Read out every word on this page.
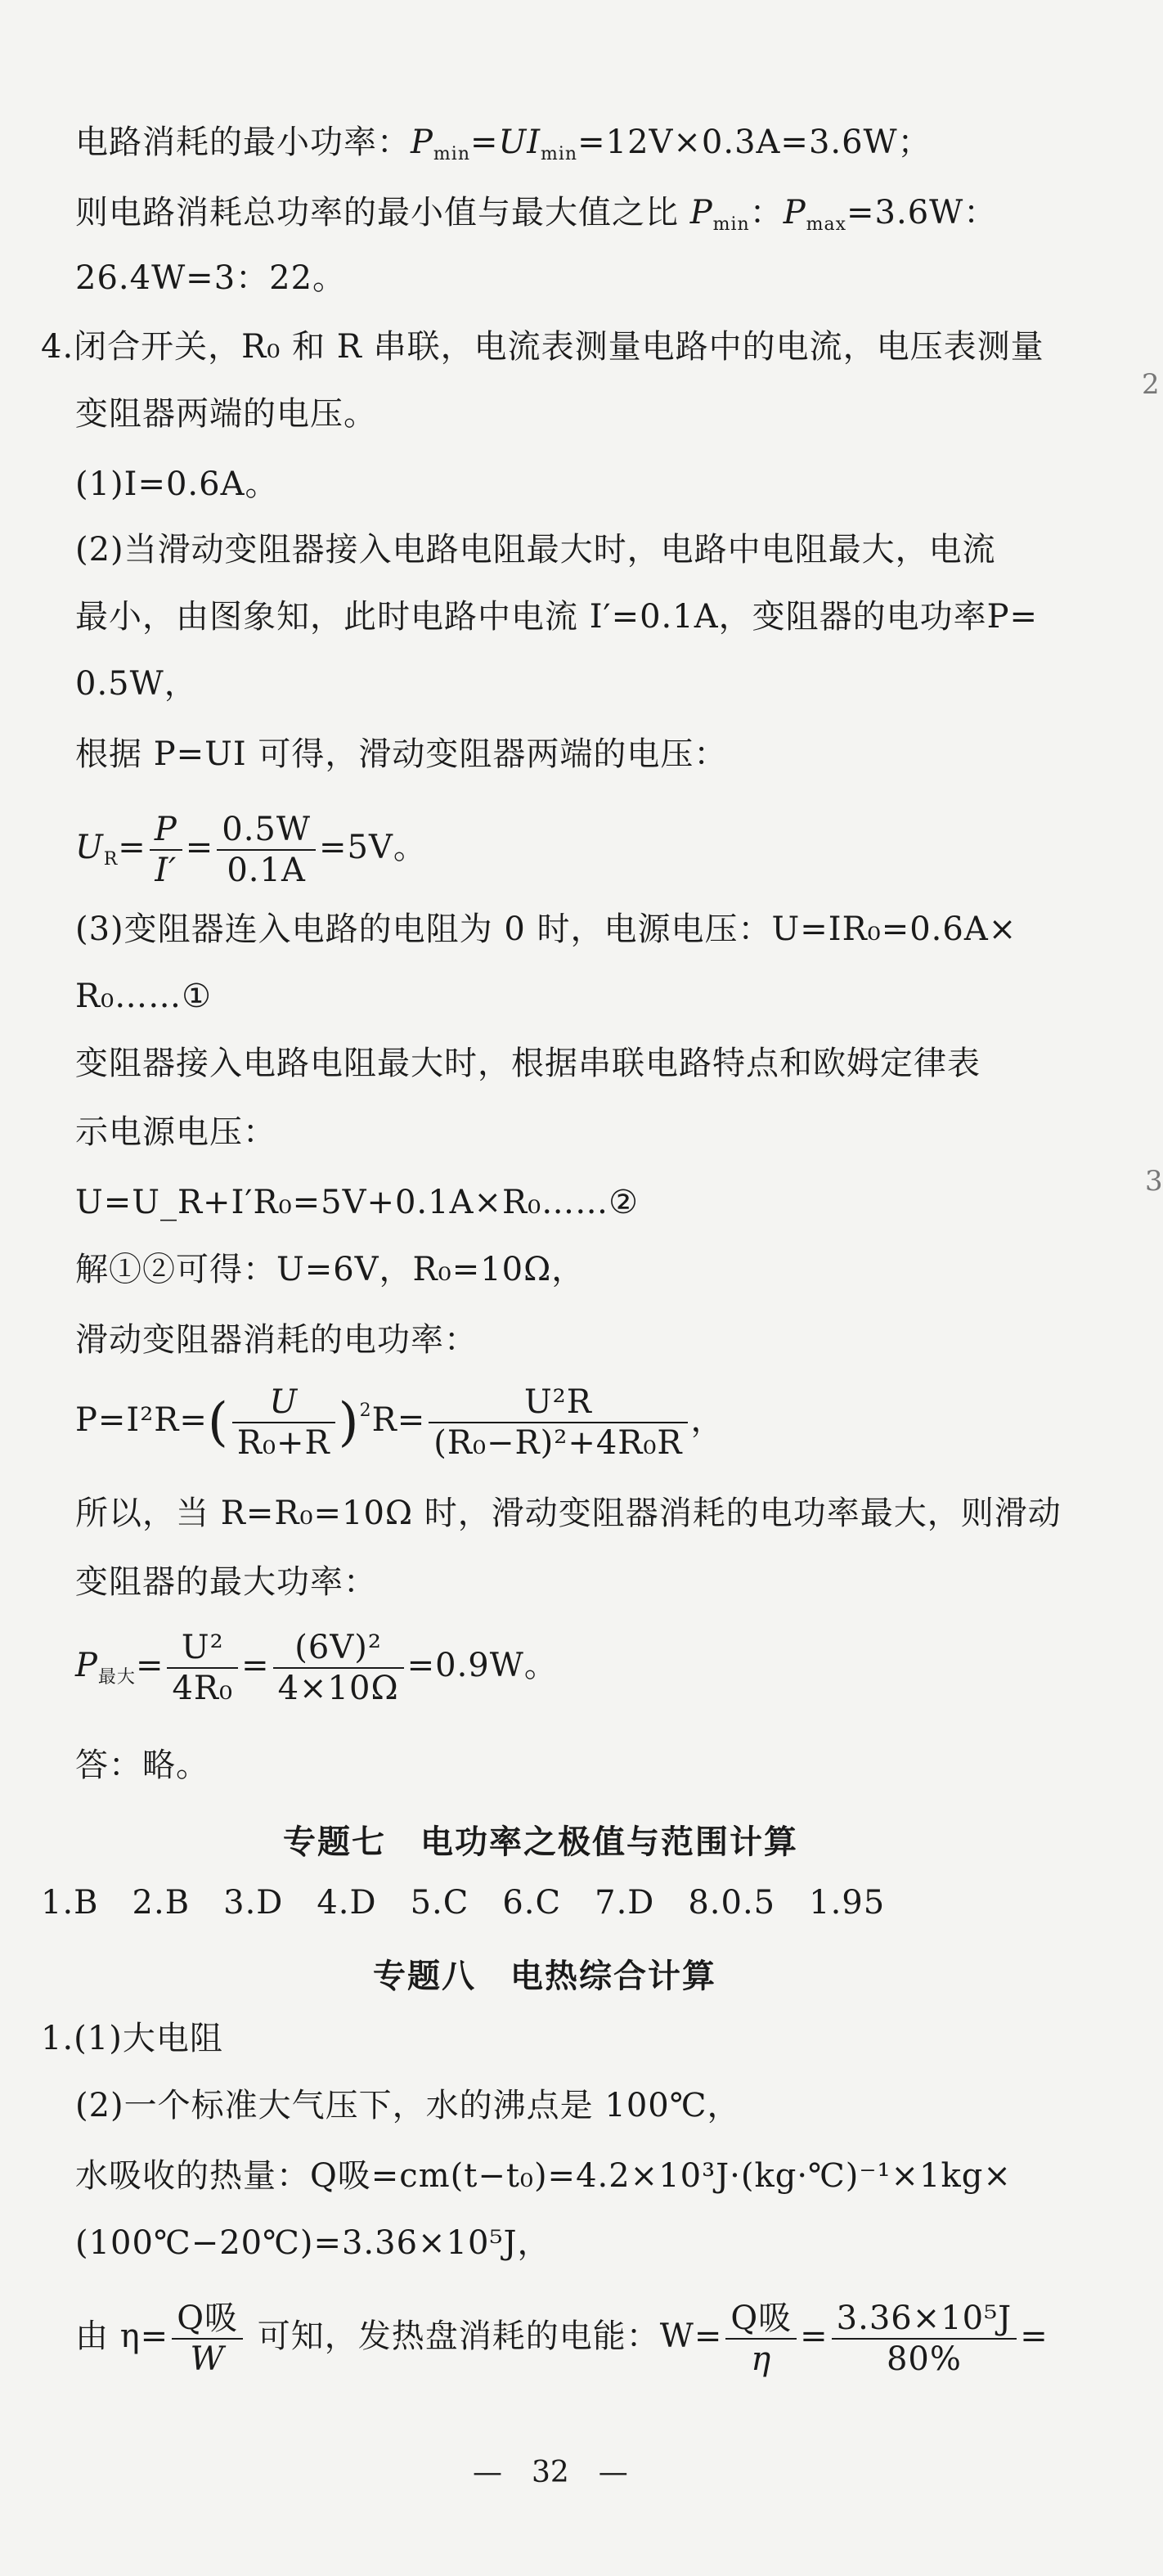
电路消耗的最小功率：$P_{min}=UI_{min}=12V\times 0.3A=3.6W$；
则电路消耗总功率的最小值与最大值之比 $P_{min}$：$P_{max}=3.6W$：
26.4W=3：22。
4.闭合开关，R₀ 和 R 串联，电流表测量电路中的电流，电压表测量
变阻器两端的电压。
(1)I=0.6A。
(2)当滑动变阻器接入电路电阻最大时，电路中电阻最大，电流
最小，由图象知，此时电路中电流 I′=0.1A，变阻器的电功率P=
0.5W，
根据 P=UI 可得，滑动变阻器两端的电压：
$U_R= \frac{P}{I'} = \frac{0.5W}{0.1A} =5V$。
(3)变阻器连入电路的电阻为 0 时，电源电压：U=IR₀=0.6A×
R₀……①
变阻器接入电路电阻最大时，根据串联电路特点和欧姆定律表
示电源电压：
U=U_R+I′R₀=5V+0.1A×R₀……②
解①②可得：U=6V，R₀=10Ω，
滑动变阻器消耗的电功率：
$P=I^2R=( \frac{U}{\text{R₀+R}} )^2R= \frac{\text{U²R}}{\text{(R₀−R)²+4R₀R}}$ ，
所以，当 R=R₀=10Ω 时，滑动变阻器消耗的电功率最大，则滑动
变阻器的最大功率：
$P_{最大}= \frac{\text{U²}}{\text{4R₀}} = \frac{\text{(6V)²}}{4\times 10\Omega} =0.9W$。
答：略。
专题七　电功率之极值与范围计算
1.B　2.B　3.D　4.D　5.C　6.C　7.D　8.0.5　1.95
专题八　电热综合计算
1.(1)大电阻
(2)一个标准大气压下，水的沸点是 100℃，
水吸收的热量：Q吸=cm(t−t₀)=4.2×10³J·(kg·℃)⁻¹×1kg×
(100℃−20℃)=3.36×10⁵J，
由 $\eta= \frac{\text{Q吸}}{W}$ 可知，发热盘消耗的电能：$W= \frac{\text{Q吸}}{\eta} = \frac{\text{3.36×10⁵J}}{80\%}$ =
2
3
—　32　—
